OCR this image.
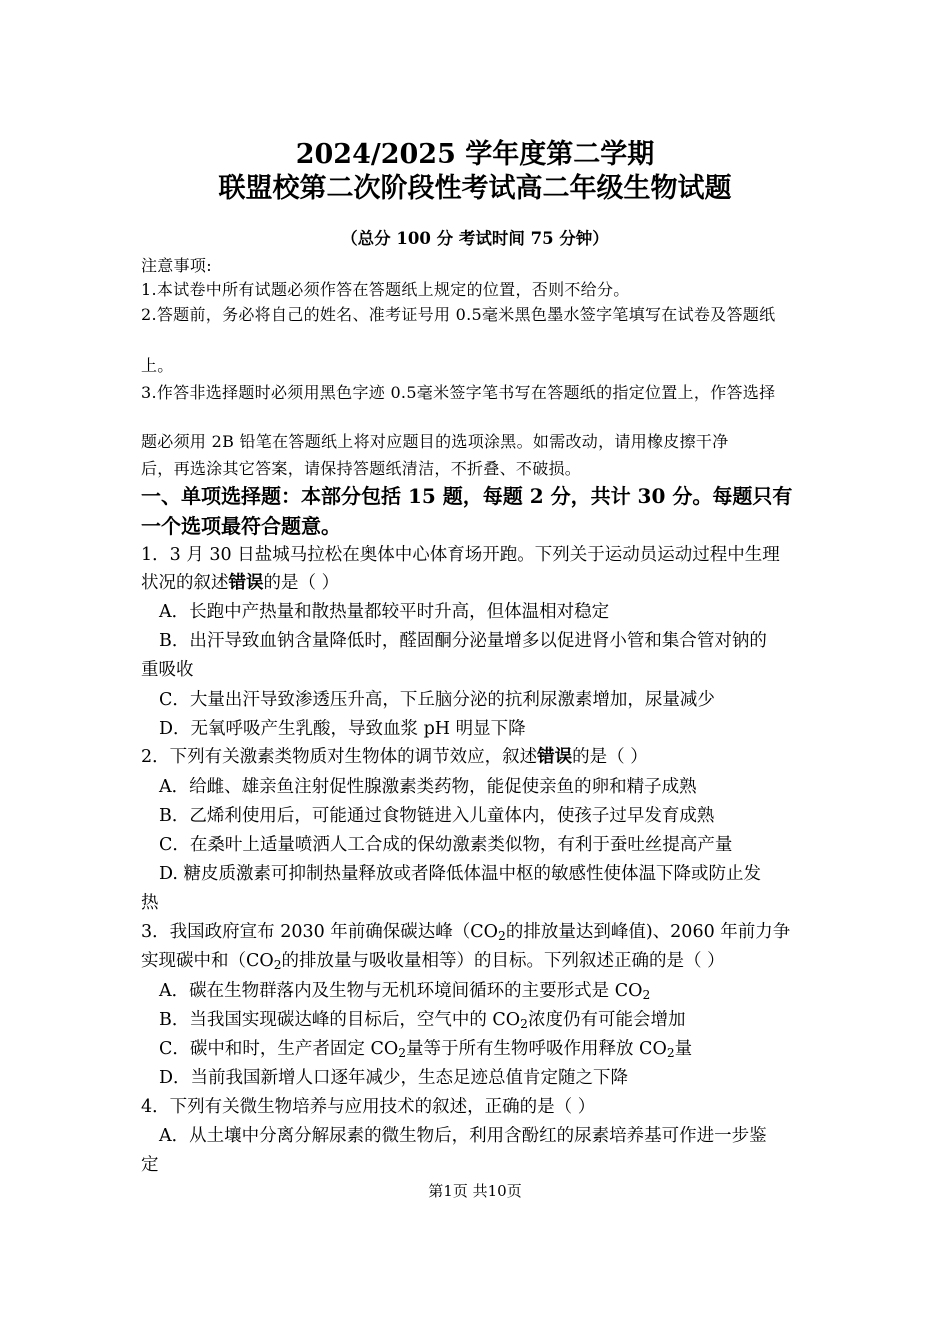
2024/2025 学年度第二学期
联盟校第二次阶段性考试高二年级生物试题
（总分 100 分 考试时间 75 分钟）
注意事项:
1.本试卷中所有试题必须作答在答题纸上规定的位置，否则不给分。
2.答题前，务必将自己的姓名、准考证号用 0.5毫米黑色墨水签字笔填写在试卷及答题纸
上。
3.作答非选择题时必须用黑色字迹 0.5毫米签字笔书写在答题纸的指定位置上，作答选择
题必须用 2B 铅笔在答题纸上将对应题目的选项涂黑。如需改动，请用橡皮擦干净
后，再选涂其它答案，请保持答题纸清洁，不折叠、不破损。
一、单项选择题：本部分包括 15 题，每题 2 分，共计 30 分。每题只有
一个选项最符合题意。
1．3 月 30 日盐城马拉松在奥体中心体育场开跑。下列关于运动员运动过程中生理
状况的叙述错误的是（ ）
A．长跑中产热量和散热量都较平时升高，但体温相对稳定
B．出汗导致血钠含量降低时，醛固酮分泌量增多以促进肾小管和集合管对钠的
重吸收
C．大量出汗导致渗透压升高，下丘脑分泌的抗利尿激素增加，尿量减少
D．无氧呼吸产生乳酸，导致血浆 pH 明显下降
2．下列有关激素类物质对生物体的调节效应，叙述错误的是（ ）
A．给雌、雄亲鱼注射促性腺激素类药物，能促使亲鱼的卵和精子成熟
B．乙烯利使用后，可能通过食物链进入儿童体内，使孩子过早发育成熟
C．在桑叶上适量喷洒人工合成的保幼激素类似物，有利于蚕吐丝提高产量
D. 糖皮质激素可抑制热量释放或者降低体温中枢的敏感性使体温下降或防止发
热
3．我国政府宣布 2030 年前确保碳达峰（$CO_2$的排放量达到峰值)、2060 年前力争
实现碳中和（$CO_2$的排放量与吸收量相等）的目标。下列叙述正确的是（ ）
A．碳在生物群落内及生物与无机环境间循环的主要形式是 $CO_2$
B．当我国实现碳达峰的目标后，空气中的 $CO_2$浓度仍有可能会增加
C．碳中和时，生产者固定 $CO_2$量等于所有生物呼吸作用释放 $CO_2$量
D．当前我国新增人口逐年减少，生态足迹总值肯定随之下降
4．下列有关微生物培养与应用技术的叙述，正确的是（ ）
A．从土壤中分离分解尿素的微生物后，利用含酚红的尿素培养基可作进一步鉴
定
第1页 共10页
